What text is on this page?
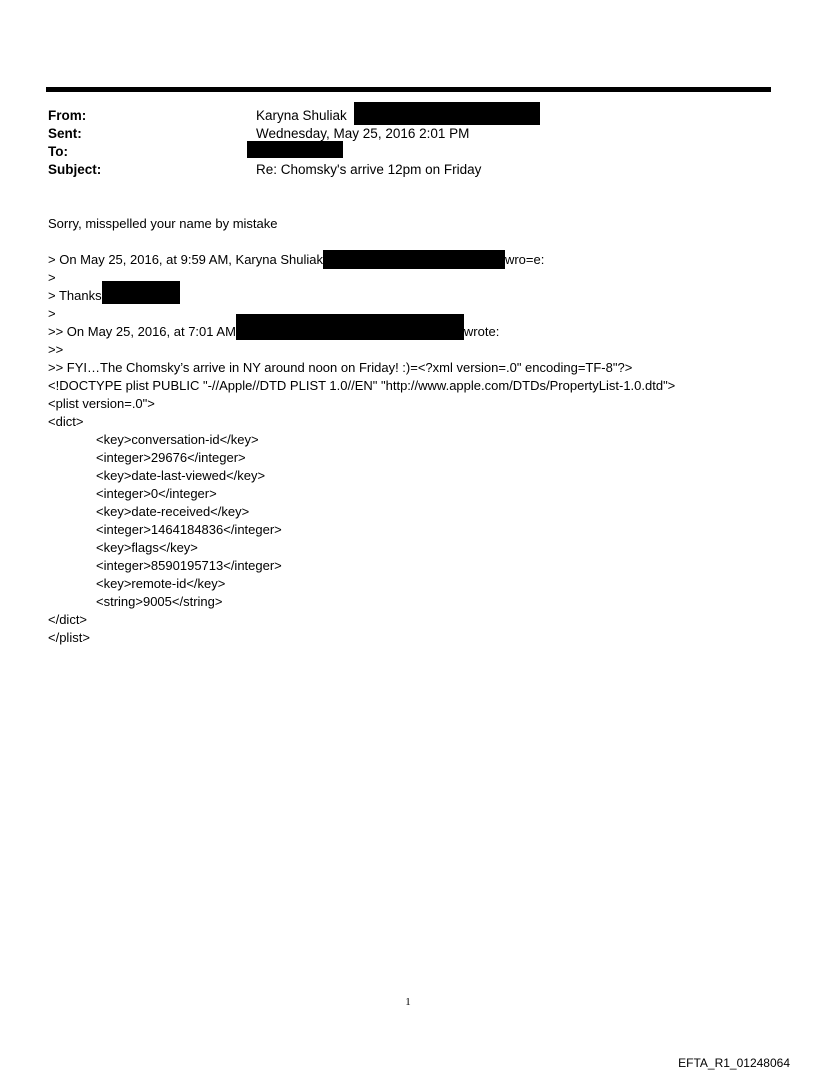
From:	Karyna Shuliak
Sent:	Wednesday, May 25, 2016 2:01 PM
To:
Subject:	Re: Chomsky's arrive 12pm on Friday
Sorry, misspelled your name by mistake
> On May 25, 2016, at 9:59 AM, Karyna Shuliak	wro=e:
>
> Thanks
>
>> On May 25, 2016, at 7:01 AM	wrote:
>>
>> FYI…The Chomsky’s arrive in NY around noon on Friday! :)=<?xml version=.0" encoding=TF-8"?>
<!DOCTYPE plist PUBLIC "-//Apple//DTD PLIST 1.0//EN" "http://www.apple.com/DTDs/PropertyList-1.0.dtd">
<plist version=.0">
<dict>
<key>conversation-id</key>
<integer>29676</integer>
<key>date-last-viewed</key>
<integer>0</integer>
<key>date-received</key>
<integer>1464184836</integer>
<key>flags</key>
<integer>8590195713</integer>
<key>remote-id</key>
<string>9005</string>
</dict>
</plist>
1
EFTA_R1_01248064
